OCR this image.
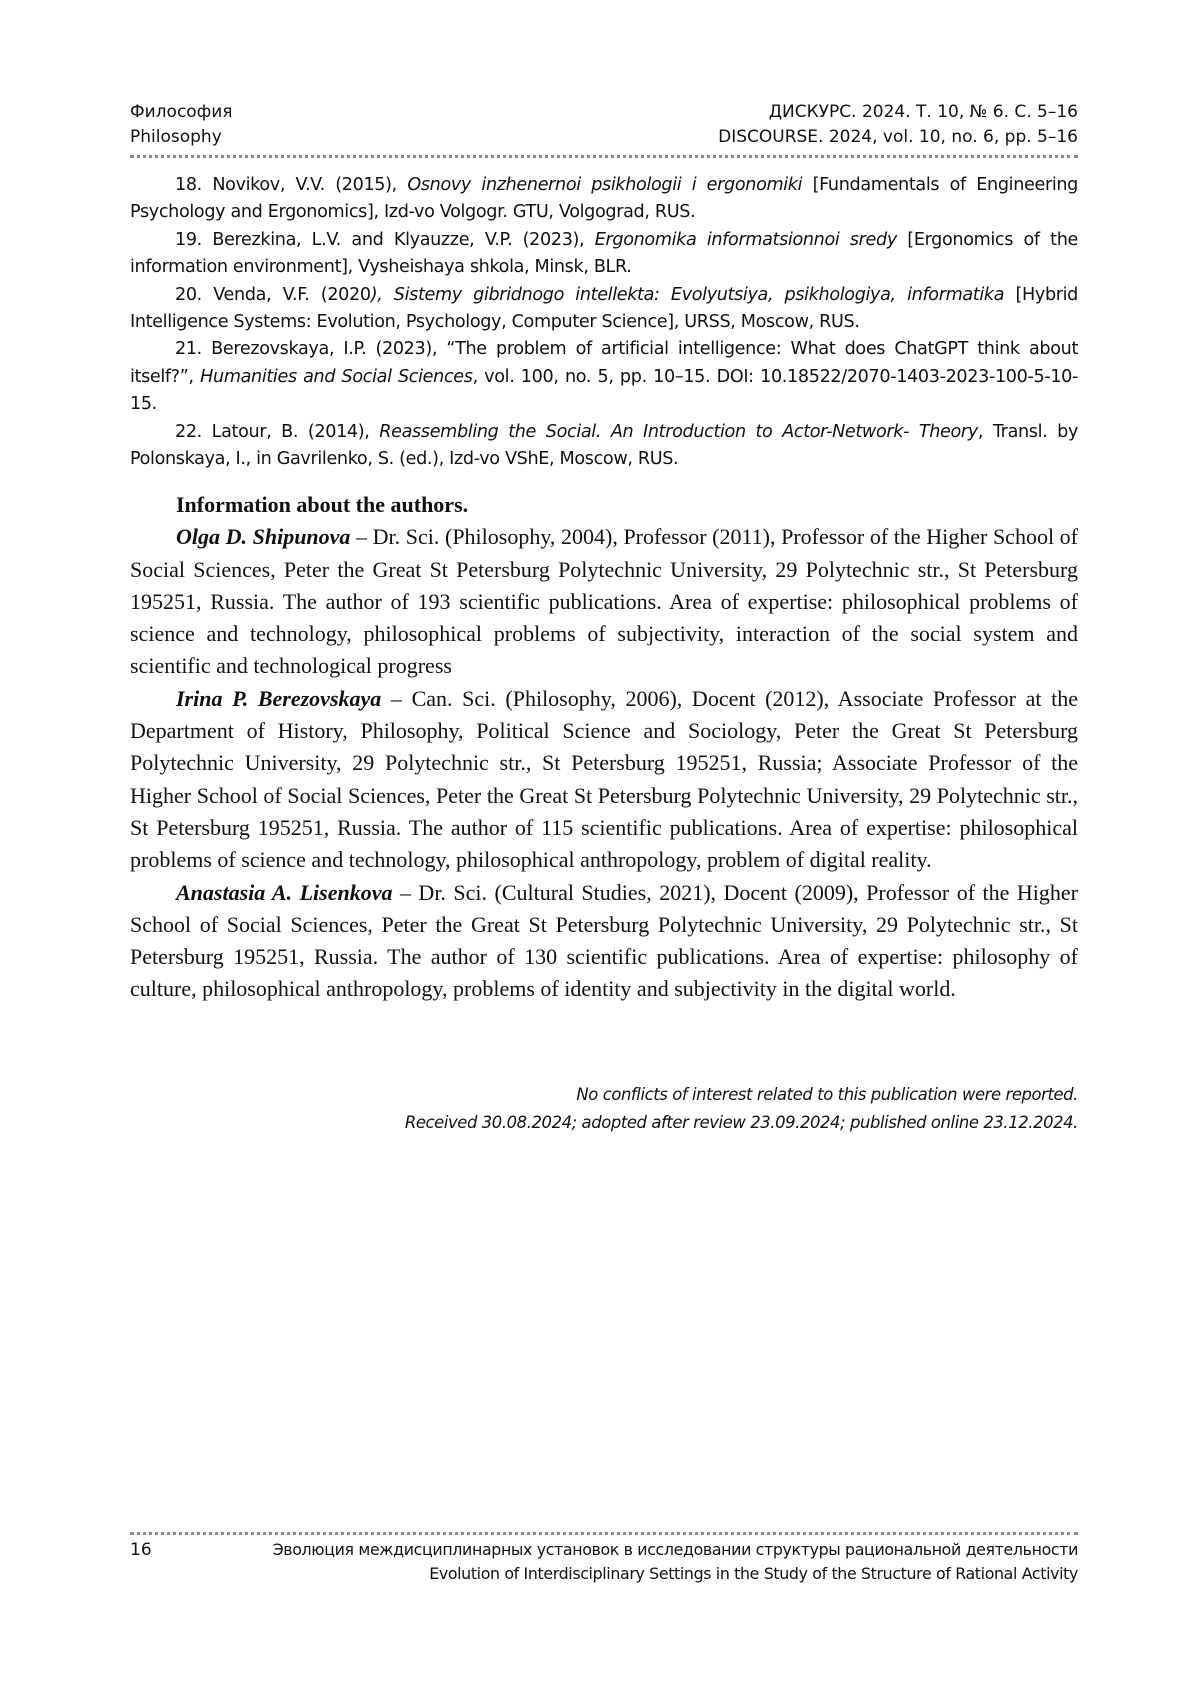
Философия
Philosophy
ДИСКУРС. 2024. Т. 10, № 6. С. 5–16
DISCOURSE. 2024, vol. 10, no. 6, pp. 5–16

18. Novikov, V.V. (2015), Osnovy inzhenernoi psikhologii i ergonomiki [Fundamentals of Engineering Psychology and Ergonomics], Izd-vo Volgogr. GTU, Volgograd, RUS.

19. Berezkina, L.V. and Klyauzze, V.P. (2023), Ergonomika informatsionnoi sredy [Ergonomics of the information environment], Vysheishaya shkola, Minsk, BLR.

20. Venda, V.F. (2020), Sistemy gibridnogo intellekta: Evolyutsiya, psikhologiya, informatika [Hybrid Intelligence Systems: Evolution, Psychology, Computer Science], URSS, Moscow, RUS.

21. Berezovskaya, I.P. (2023), “The problem of artificial intelligence: What does ChatGPT think about itself?”, Humanities and Social Sciences, vol. 100, no. 5, pp. 10–15. DOI: 10.18522/2070-1403-2023-100-5-10-15.

22. Latour, B. (2014), Reassembling the Social. An Introduction to Actor-Network- Theory, Transl. by Polonskaya, I., in Gavrilenko, S. (ed.), Izd-vo VShE, Moscow, RUS.

Information about the authors.

Olga D. Shipunova – Dr. Sci. (Philosophy, 2004), Professor (2011), Professor of the Higher School of Social Sciences, Peter the Great St Petersburg Polytechnic University, 29 Polytechnic str., St Petersburg 195251, Russia. The author of 193 scientific publications. Area of expertise: philosophical problems of science and technology, philosophical problems of subjectivity, interaction of the social system and scientific and technological progress

Irina P. Berezovskaya – Can. Sci. (Philosophy, 2006), Docent (2012), Associate Professor at the Department of History, Philosophy, Political Science and Sociology, Peter the Great St Petersburg Polytechnic University, 29 Polytechnic str., St Petersburg 195251, Russia; Associate Professor of the Higher School of Social Sciences, Peter the Great St Petersburg Polytechnic University, 29 Polytechnic str., St Petersburg 195251, Russia. The author of 115 scientific publications. Area of expertise: philosophical problems of science and technology, philosophical anthropology, problem of digital reality.

Anastasia A. Lisenkova – Dr. Sci. (Cultural Studies, 2021), Docent (2009), Professor of the Higher School of Social Sciences, Peter the Great St Petersburg Polytechnic University, 29 Polytechnic str., St Petersburg 195251, Russia. The author of 130 scientific publications. Area of expertise: philosophy of culture, philosophical anthropology, problems of identity and subjectivity in the digital world.

No conflicts of interest related to this publication were reported.
Received 30.08.2024; adopted after review 23.09.2024; published online 23.12.2024.
16	Эволюция междисциплинарных установок в исследовании структуры рациональной деятельности
Evolution of Interdisciplinary Settings in the Study of the Structure of Rational Activity
